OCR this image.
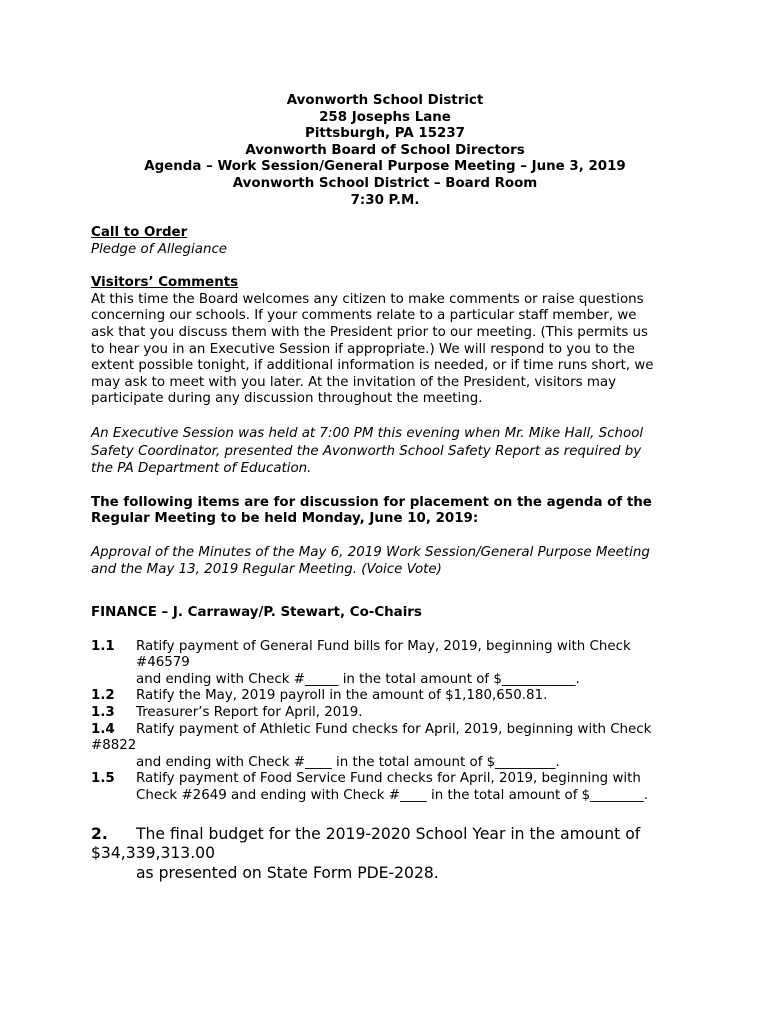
Avonworth School District
258 Josephs Lane
Pittsburgh, PA 15237
Avonworth Board of School Directors
Agenda – Work Session/General Purpose Meeting – June 3, 2019
Avonworth School District – Board Room
7:30 P.M.
Call to Order
Pledge of Allegiance
Visitors’ Comments
At this time the Board welcomes any citizen to make comments or raise questions
concerning our schools. If your comments relate to a particular staff member, we
ask that you discuss them with the President prior to our meeting. (This permits us
to hear you in an Executive Session if appropriate.) We will respond to you to the
extent possible tonight, if additional information is needed, or if time runs short, we
may ask to meet with you later. At the invitation of the President, visitors may
participate during any discussion throughout the meeting.
An Executive Session was held at 7:00 PM this evening when Mr. Mike Hall, School
Safety Coordinator, presented the Avonworth School Safety Report as required by
the PA Department of Education.
The following items are for discussion for placement on the agenda of the
Regular Meeting to be held Monday, June 10, 2019:
Approval of the Minutes of the May 6, 2019 Work Session/General Purpose Meeting
and the May 13, 2019 Regular Meeting. (Voice Vote)
FINANCE – J. Carraway/P. Stewart, Co-Chairs
1.1 Ratify payment of General Fund bills for May, 2019, beginning with Check
#46579
and ending with Check #_____ in the total amount of $___________.
1.2 Ratify the May, 2019 payroll in the amount of $1,180,650.81.
1.3 Treasurer’s Report for April, 2019.
1.4 Ratify payment of Athletic Fund checks for April, 2019, beginning with Check
#8822
and ending with Check #____ in the total amount of $_________.
1.5 Ratify payment of Food Service Fund checks for April, 2019, beginning with
Check #2649 and ending with Check #____ in the total amount of $________.
2. The final budget for the 2019-2020 School Year in the amount of
$34,339,313.00
as presented on State Form PDE-2028.
